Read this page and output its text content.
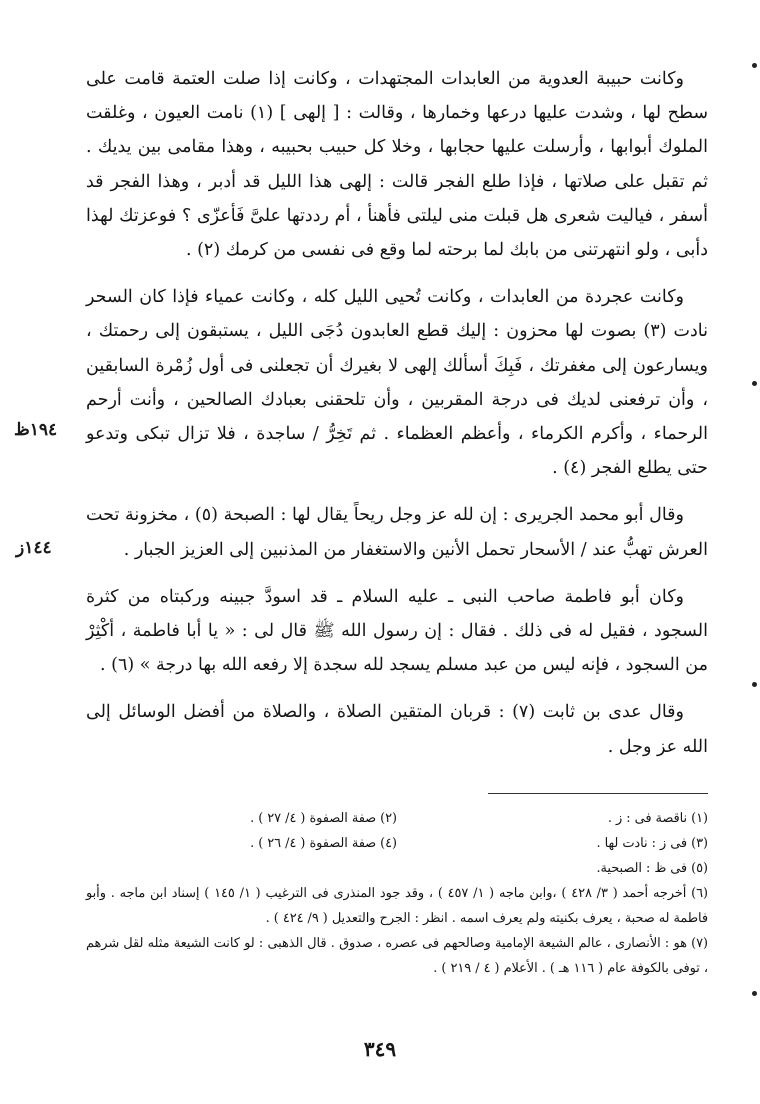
وكانت حبيبة العدوية من العابدات المجتهدات ، وكانت إذا صلت العتمة قامت على سطح لها ، وشدت عليها درعها وخمارها ، وقالت : [ إلهى ] (١) نامت العيون ، وغلقت الملوك أبوابها ، وأرسلت عليها حجابها ، وخلا كل حبيب بحبيبه ، وهذا مقامى بين يديك . ثم تقبل على صلاتها ، فإذا طلع الفجر قالت : إلهى هذا الليل قد أدبر ، وهذا الفجر قد أسفر ، فياليت شعرى هل قبلت منى ليلتى فأهنأ ، أم رددتها علىَّ فَأعزّى ؟ فوعزتك لهذا دأبى ، ولو انتهرتنى من بابك لما برحته لما وقع فى نفسى من كرمك (٢) .

وكانت عجردة من العابدات ، وكانت تُحيى الليل كله ، وكانت عمياء فإذا كان السحر نادت (٣) بصوت لها محزون : إليك قطع العابدون دُجَى الليل ، يستبقون إلى رحمتك ، ويسارعون إلى مغفرتك ، فَبِكَ أسألك إلهى لا بغيرك أن تجعلنى فى أول زُمْرة السابقين ، وأن ترفعنى لديك فى درجة المقربين ، وأن تلحقنى بعبادك الصالحين ، وأنت أرحم الرحماء ، وأكرم الكرماء ، وأعظم العظماء . ثم تَخِرُّ / ساجدة ، فلا تزال تبكى وتدعو حتى يطلع الفجر (٤) .

وقال أبو محمد الجريرى : إن لله عز وجل ريحاً يقال لها : الصبحة (٥) ، مخزونة تحت العرش تهبُّ عند / الأسحار تحمل الأنين والاستغفار من المذنبين إلى العزيز الجبار .

وكان أبو فاطمة صاحب النبى ـ عليه السلام ـ قد اسودَّ جبينه وركبتاه من كثرة السجود ، فقيل له فى ذلك . فقال : إن رسول الله ﷺ قال لى : « يا أبا فاطمة ، أكْثِرْ من السجود ، فإنه ليس من عبد مسلم يسجد لله سجدة إلا رفعه الله بها درجة » (٦) .

وقال عدى بن ثابت (٧) : قربان المتقين الصلاة ، والصلاة من أفضل الوسائل إلى الله عز وجل .

١٩٤ظ
١٤٤ز
(١) ناقصة فى : ز .
(٢) صفة الصفوة ( ٤/ ٢٧ ) .
(٣) فى ز : نادت لها .
(٤) صفة الصفوة ( ٤/ ٢٦ ) .
(٥) فى ظ : الصبحية.
(٦) أخرجه أحمد ( ٣/ ٤٢٨ ) ،وابن ماجه ( ١/ ٤٥٧ ) ، وقد جود المنذرى فى الترغيب ( ١/ ١٤٥ ) إسناد ابن ماجه . وأبو فاطمة له صحبة ، يعرف بكنيته ولم يعرف اسمه . انظر : الجرح والتعديل ( ٩/ ٤٢٤ ) .
(٧) هو : الأنصارى ، عالم الشيعة الإمامية وصالحهم فى عصره ، صدوق . قال الذهبى : لو كانت الشيعة مثله لقل شرهم ، توفى بالكوفة عام ( ١١٦ هـ ) . الأعلام ( ٤ / ٢١٩ ) .
٣٤٩
